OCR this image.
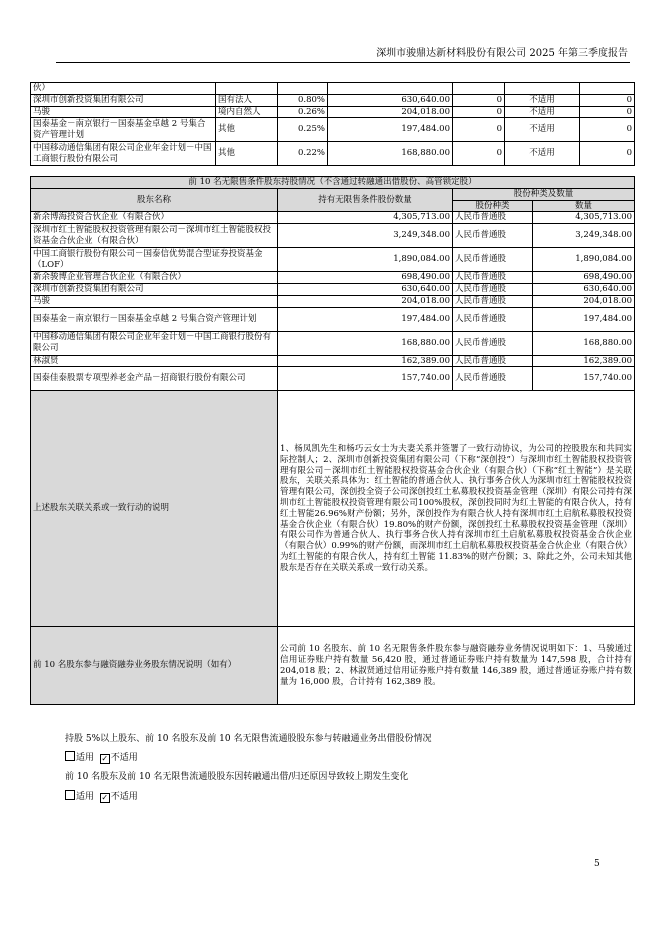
深圳市骏鼎达新材料股份有限公司 2025 年第三季度报告
伙）						
深圳市创新投资集团有限公司	国有法人	0.80%	630,640.00	0	不适用	0
马骏	境内自然人	0.26%	204,018.00	0	不适用	0
国泰基金－南京银行－国泰基金卓越 2 号集合资产管理计划	其他	0.25%	197,484.00	0	不适用	0
中国移动通信集团有限公司企业年金计划－中国工商银行股份有限公司	其他	0.22%	168,880.00	0	不适用	0
前 10 名无限售条件股东持股情况（不含通过转融通出借股份、高管锁定股）			
股东名称	持有无限售条件股份数量	股份种类及数量	
		股份种类	数量
新余博海投资合伙企业（有限合伙）	4,305,713.00	人民币普通股	4,305,713.00
深圳市红土智能股权投资管理有限公司－深圳市红土智能股权投资基金合伙企业（有限合伙）	3,249,348.00	人民币普通股	3,249,348.00
中国工商银行股份有限公司－国泰信优势混合型证券投资基金（LOF）	1,890,084.00	人民币普通股	1,890,084.00
新余骏博企业管理合伙企业（有限合伙）	698,490.00	人民币普通股	698,490.00
深圳市创新投资集团有限公司	630,640.00	人民币普通股	630,640.00
马骏	204,018.00	人民币普通股	204,018.00
国泰基金－南京银行－国泰基金卓越 2 号集合资产管理计划	197,484.00	人民币普通股	197,484.00
中国移动通信集团有限公司企业年金计划－中国工商银行股份有限公司	168,880.00	人民币普通股	168,880.00
林淑贤	162,389.00	人民币普通股	162,389.00
国泰佳泰股票专项型养老金产品－招商银行股份有限公司	157,740.00	人民币普通股	157,740.00
上述股东关联关系或一致行动的说明	1、杨凤凯先生和杨巧云女士为夫妻关系并签署了一致行动协议，为公司的控股股东和共同实际控制人；2、深圳市创新投资集团有限公司（下称“深创投”）与深圳市红土智能股权投资管理有限公司－深圳市红土智能股权投资基金合伙企业（有限合伙）（下称“红土智能”）是关联股东，关联关系具体为：红土智能的普通合伙人、执行事务合伙人为深圳市红土智能股权投资管理有限公司，深创投全资子公司深创投红土私募股权投资基金管理（深圳）有限公司持有深圳市红土智能股权投资管理有限公司100%股权，深创投同时为红土智能的有限合伙人，持有红土智能26.96%财产份额；另外，深创投作为有限合伙人持有深圳市红土启航私募股权投资基金合伙企业（有限合伙）19.80%的财产份额，深创投红土私募股权投资基金管理（深圳）有限公司作为普通合伙人、执行事务合伙人持有深圳市红土启航私募股权投资基金合伙企业（有限合伙）0.99%的财产份额，而深圳市红土启航私募股权投资基金合伙企业（有限合伙）为红土智能的有限合伙人，持有红土智能 11.83%的财产份额；3、除此之外，公司未知其他股东是否存在关联关系或一致行动关系。		
前 10 名股东参与融资融券业务股东情况说明（如有）	公司前 10 名股东、前 10 名无限售条件股东参与融资融券业务情况说明如下：1、马骏通过信用证券账户持有数量 56,420 股，通过普通证券账户持有数量为 147,598 股，合计持有 204,018 股；2、林淑贤通过信用证券账户持有数量 146,389 股，通过普通证券账户持有数量为 16,000 股，合计持有 162,389 股。		
持股 5%以上股东、前 10 名股东及前 10 名无限售流通股股东参与转融通业务出借股份情况
适用 ✓ 不适用
前 10 名股东及前 10 名无限售流通股股东因转融通出借/归还原因导致较上期发生变化
适用 ✓ 不适用
5
